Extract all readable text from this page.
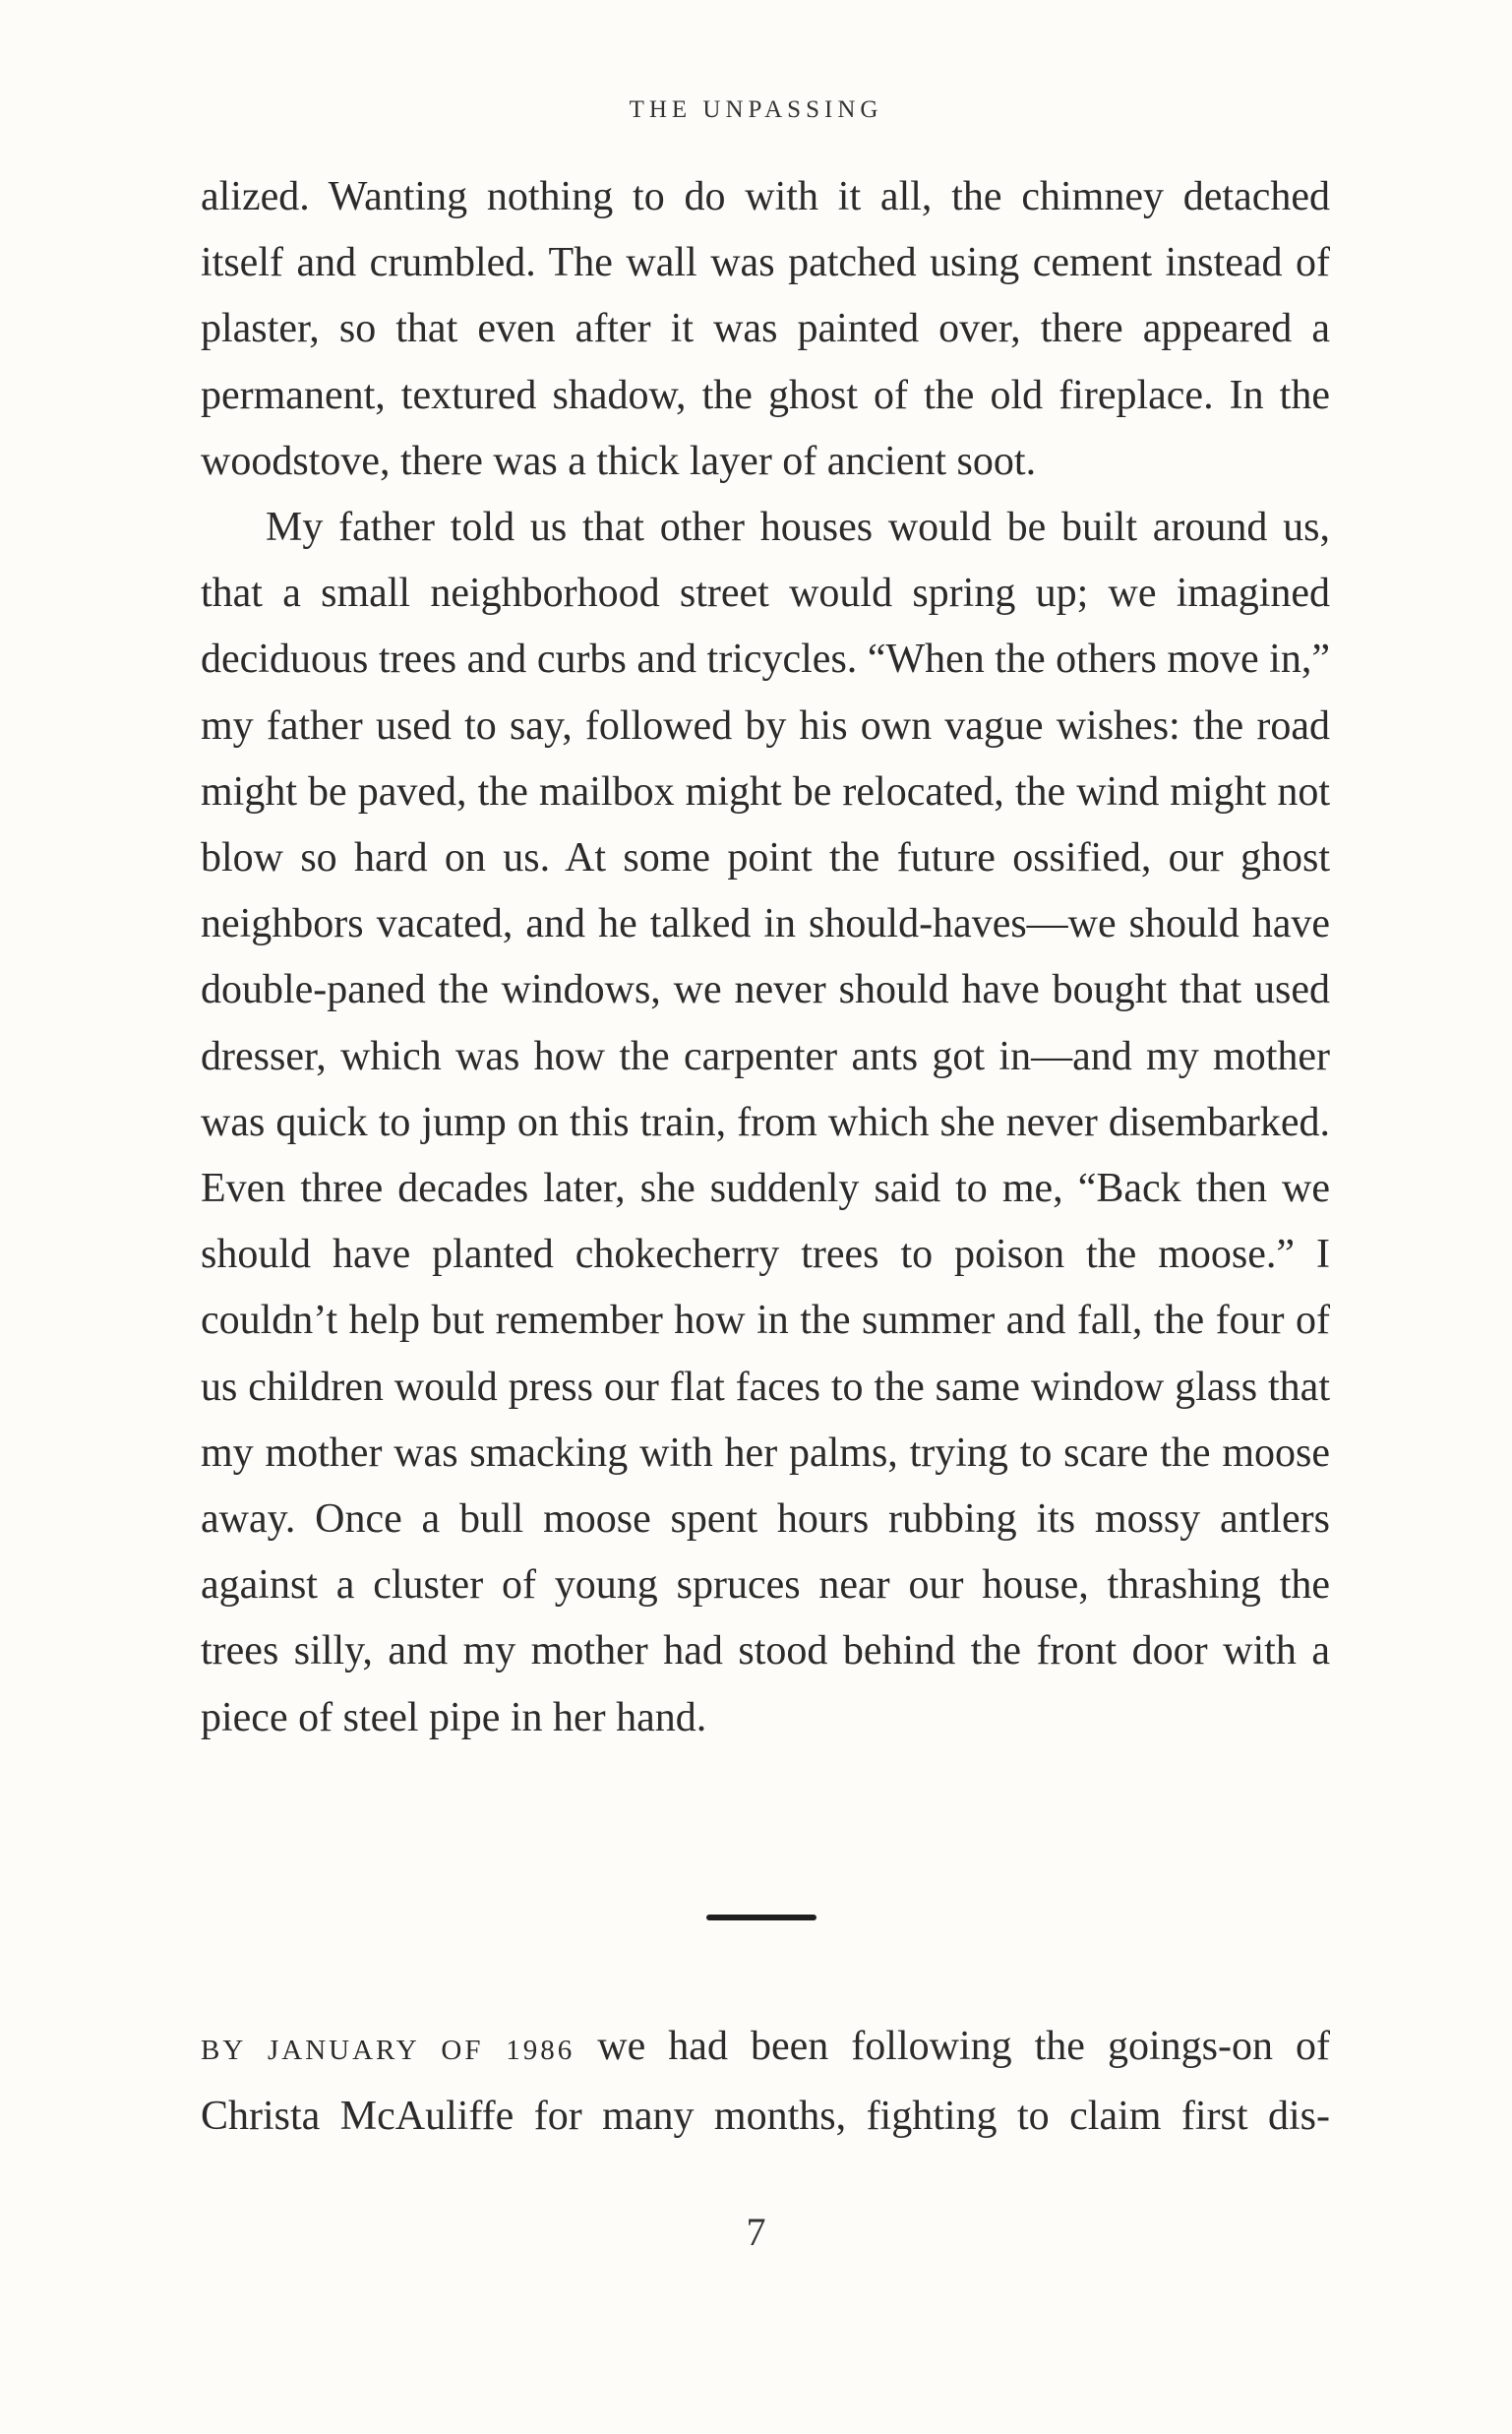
THE UNPASSING

alized. Wanting nothing to do with it all, the chimney detached itself and crumbled. The wall was patched using cement instead of plaster, so that even after it was painted over, there appeared a permanent, textured shadow, the ghost of the old fireplace. In the woodstove, there was a thick layer of ancient soot.

My father told us that other houses would be built around us, that a small neighborhood street would spring up; we imagined deciduous trees and curbs and tricycles. “When the others move in,” my father used to say, followed by his own vague wishes: the road might be paved, the mailbox might be relocated, the wind might not blow so hard on us. At some point the future ossified, our ghost neighbors vacated, and he talked in should-haves—we should have double-paned the windows, we never should have bought that used dresser, which was how the carpenter ants got in—and my mother was quick to jump on this train, from which she never disembarked. Even three decades later, she suddenly said to me, “Back then we should have planted chokecherry trees to poison the moose.” I couldn’t help but remember how in the summer and fall, the four of us children would press our flat faces to the same window glass that my mother was smacking with her palms, trying to scare the moose away. Once a bull moose spent hours rubbing its mossy antlers against a cluster of young spruces near our house, thrashing the trees silly, and my mother had stood behind the front door with a piece of steel pipe in her hand.

BY JANUARY OF 1986 we had been following the goings-on of Christa McAuliffe for many months, fighting to claim first dis-

7
